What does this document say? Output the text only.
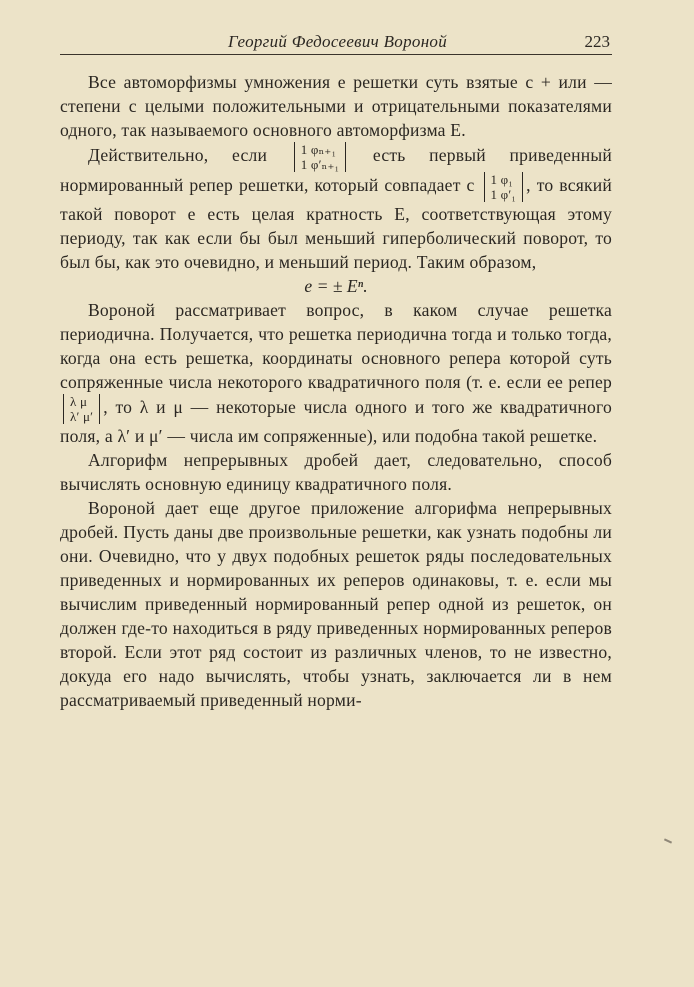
Георгий Федосеевич Вороной	223

Все автоморфизмы умножения e решетки суть взятые с + или — степени с целыми положительными и отрицательными показателями одного, так называемого основного автоморфизма E.

Действительно, если	1 φₙ₊₁
1 φ′ₙ₊₁ есть первый приведенный нормированный репер решетки, который совпадает с 1 φ₁
1 φ′₁ , то всякий такой поворот e есть целая кратность E, соответствующая этому периоду, так как если бы был меньший гиперболический поворот, то был бы, как это очевидно, и меньший период. Таким образом,

e = ± Eⁿ.

Вороной рассматривает вопрос, в каком случае решетка периодична. Получается, что решетка периодична тогда и только тогда, когда она есть решетка, координаты основного репера которой суть сопряженные числа некоторого квадратичного поля (т. е. если ее репер
λ μ
λ′ μ′ , то λ и μ — некоторые числа одного и того же квадратичного поля, а λ′ и μ′ — числа им сопряженные), или подобна такой решетке.

Алгорифм непрерывных дробей дает, следовательно, способ вычислять основную единицу квадратичного поля.

Вороной дает еще другое приложение алгорифма непрерывных дробей. Пусть даны две произвольные решетки, как узнать подобны ли они. Очевидно, что у двух подобных решеток ряды последовательных приведенных и нормированных их реперов одинаковы, т. е. если мы вычислим приведенный нормированный репер одной из решеток, он должен где-то находиться в ряду приведенных нормированных реперов второй. Если этот ряд состоит из различных членов, то не известно, докуда его надо вычислять, чтобы узнать, заключается ли в нем рассматриваемый приведенный норми-
